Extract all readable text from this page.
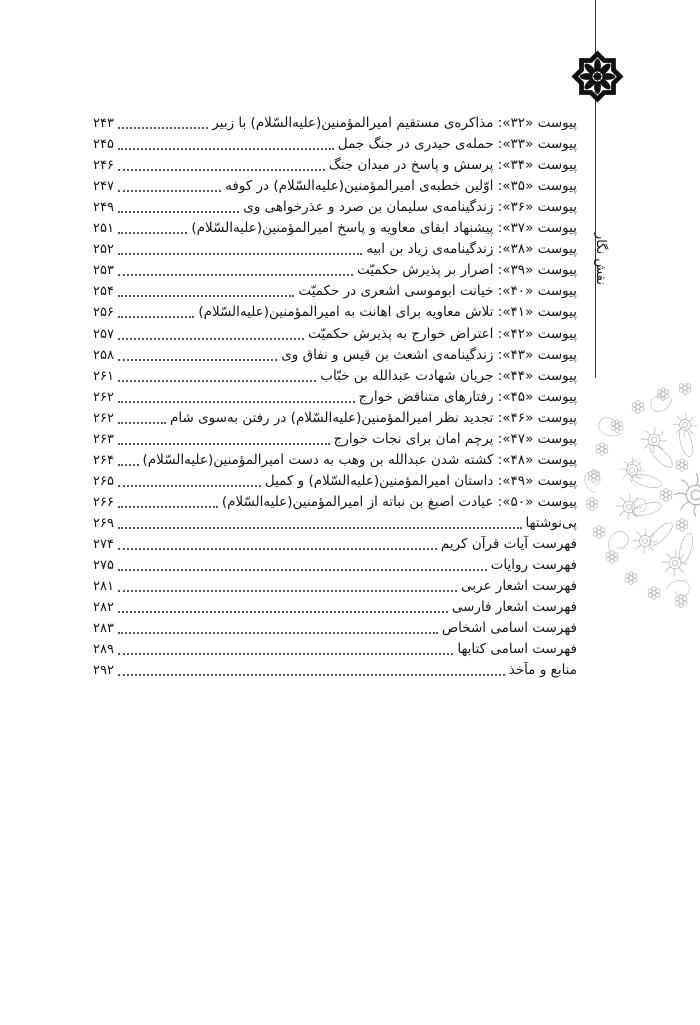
نقش نگار
پیوست «۳۲»: مذاکره‌ی مستقیم امیرالمؤمنین(علیه‌السّلام) با زبیر
۲۴۳
پیوست «۳۳»: حمله‌ی حیدری در جنگ جمل
۲۴۵
پیوست «۳۴»: پرسش و پاسخ در میدان جنگ
۲۴۶
پیوست «۳۵»: اوّلین خطبه‌ی امیرالمؤمنین(علیه‌السّلام) در کوفه
۲۴۷
پیوست «۳۶»: زندگینامه‌ی سلیمان بن صرد و عذرخواهی وی
۲۴۹
پیوست «۳۷»: پیشنهاد ابقای معاویه و پاسخ امیرالمؤمنین(علیه‌السّلام)
۲۵۱
پیوست «۳۸»: زندگینامه‌ی زیاد بن ابیه
۲۵۲
پیوست «۳۹»: اصرار بر پذیرش حکمیّت
۲۵۳
پیوست «۴۰»: خیانت ابوموسی اشعری در حکمیّت
۲۵۴
پیوست «۴۱»: تلاش معاویه برای اهانت به امیرالمؤمنین(علیه‌السّلام)
۲۵۶
پیوست «۴۲»: اعتراض خوارج به پذیرش حکمیّت
۲۵۷
پیوست «۴۳»: زندگینامه‌ی اشعث بن قیس و نفاق وی
۲۵۸
پیوست «۴۴»: جریان شهادت عبدالله بن خبّاب
۲۶۱
پیوست «۴۵»: رفتارهای متناقض خوارج
۲۶۲
پیوست «۴۶»: تجدید نظر امیرالمؤمنین(علیه‌السّلام) در رفتن به‌سوی شام
۲۶۲
پیوست «۴۷»: پرچم امان برای نجات خوارج
۲۶۳
پیوست «۴۸»: کشته شدن عبدالله بن وهب به دست امیرالمؤمنین(علیه‌السّلام)
۲۶۴
پیوست «۴۹»: داستان امیرالمؤمنین(علیه‌السّلام) و کمیل
۲۶۵
پیوست «۵۰»: عیادت اصبغ بن نباته از امیرالمؤمنین(علیه‌السّلام)
۲۶۶
پی‌نوشتها
۲۶۹
فهرست آیات قرآن کریم
۲۷۴
فهرست روایات
۲۷۵
فهرست اشعار عربی
۲۸۱
فهرست اشعار فارسی
۲۸۲
فهرست اسامی اشخاص
۲۸۳
فهرست اسامی کتابها
۲۸۹
منابع و مآخذ
۲۹۲
